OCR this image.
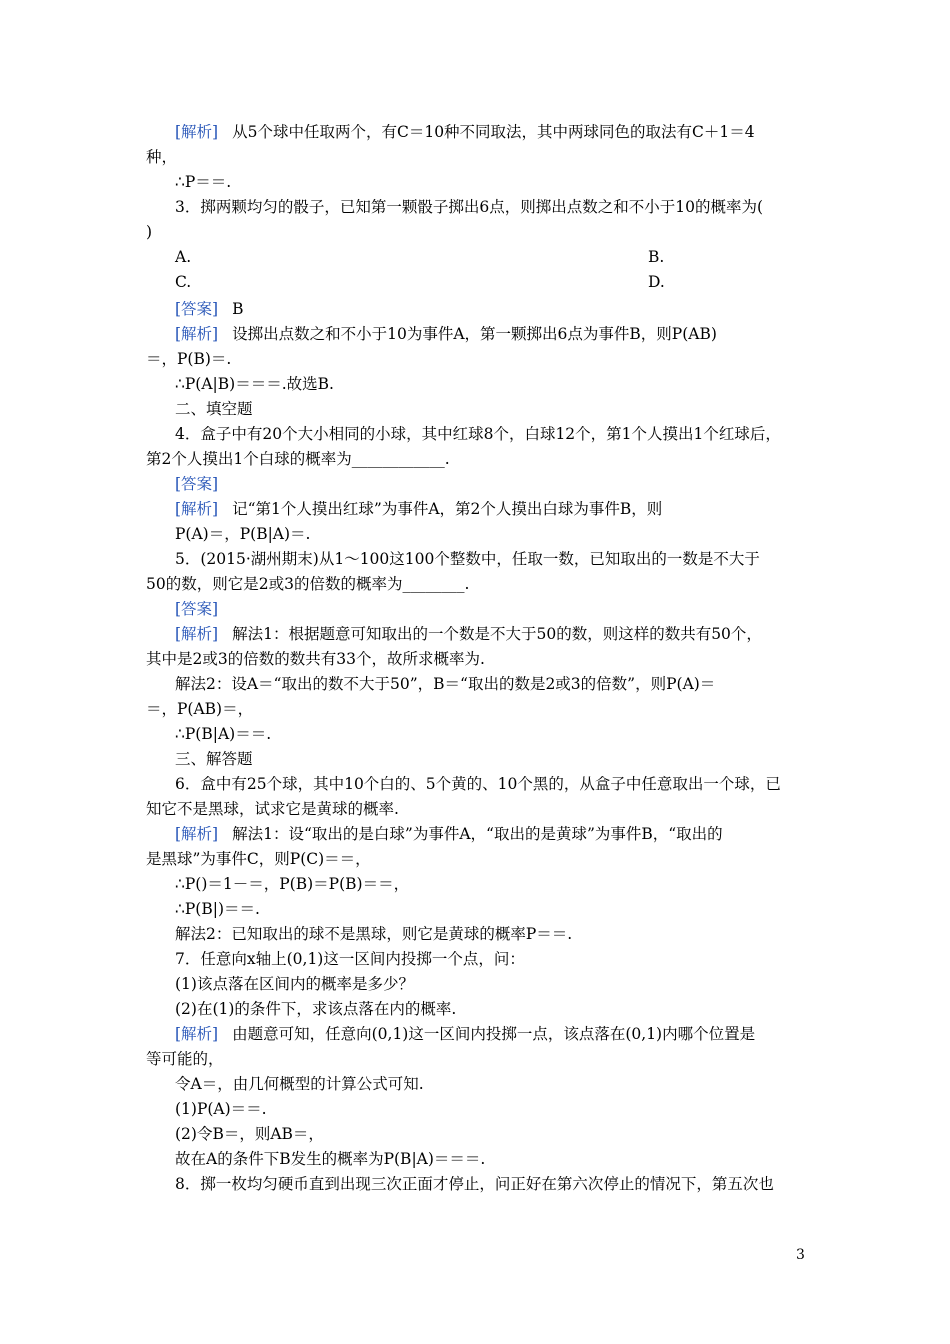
[解析] 从5个球中任取两个，有C＝10种不同取法，其中两球同色的取法有C＋1＝4
种，
∴P＝＝.
3．掷两颗均匀的骰子，已知第一颗骰子掷出6点，则掷出点数之和不小于10的概率为(
)
A.	B.
C.	D.
[答案] B
[解析] 设掷出点数之和不小于10为事件A，第一颗掷出6点为事件B，则P(AB)
＝，P(B)＝.
∴P(A|B)＝＝＝.故选B.
二、填空题
4．盒子中有20个大小相同的小球，其中红球8个，白球12个，第1个人摸出1个红球后，
第2个人摸出1个白球的概率为____________.
[答案]
[解析] 记“第1个人摸出红球”为事件A，第2个人摸出白球为事件B，则
P(A)＝，P(B|A)＝.
5．(2015·湖州期末)从1～100这100个整数中，任取一数，已知取出的一数是不大于
50的数，则它是2或3的倍数的概率为________.
[答案]
[解析] 解法1：根据题意可知取出的一个数是不大于50的数，则这样的数共有50个，
其中是2或3的倍数的数共有33个，故所求概率为.
解法2：设A＝“取出的数不大于50”，B＝“取出的数是2或3的倍数”，则P(A)＝
＝，P(AB)＝，
∴P(B|A)＝＝.
三、解答题
6．盒中有25个球，其中10个白的、5个黄的、10个黑的，从盒子中任意取出一个球，已
知它不是黑球，试求它是黄球的概率.
[解析] 解法1：设“取出的是白球”为事件A，“取出的是黄球”为事件B，“取出的
是黑球”为事件C，则P(C)＝＝，
∴P()＝1－＝，P(B)＝P(B)＝＝，
∴P(B|)＝＝.
解法2：已知取出的球不是黑球，则它是黄球的概率P＝＝.
7．任意向x轴上(0,1)这一区间内投掷一个点，问：
(1)该点落在区间内的概率是多少？
(2)在(1)的条件下，求该点落在内的概率.
[解析] 由题意可知，任意向(0,1)这一区间内投掷一点，该点落在(0,1)内哪个位置是
等可能的，
令A＝，由几何概型的计算公式可知.
(1)P(A)＝＝.
(2)令B＝，则AB＝，
故在A的条件下B发生的概率为P(B|A)＝＝＝.
8．掷一枚均匀硬币直到出现三次正面才停止，问正好在第六次停止的情况下，第五次也
3
